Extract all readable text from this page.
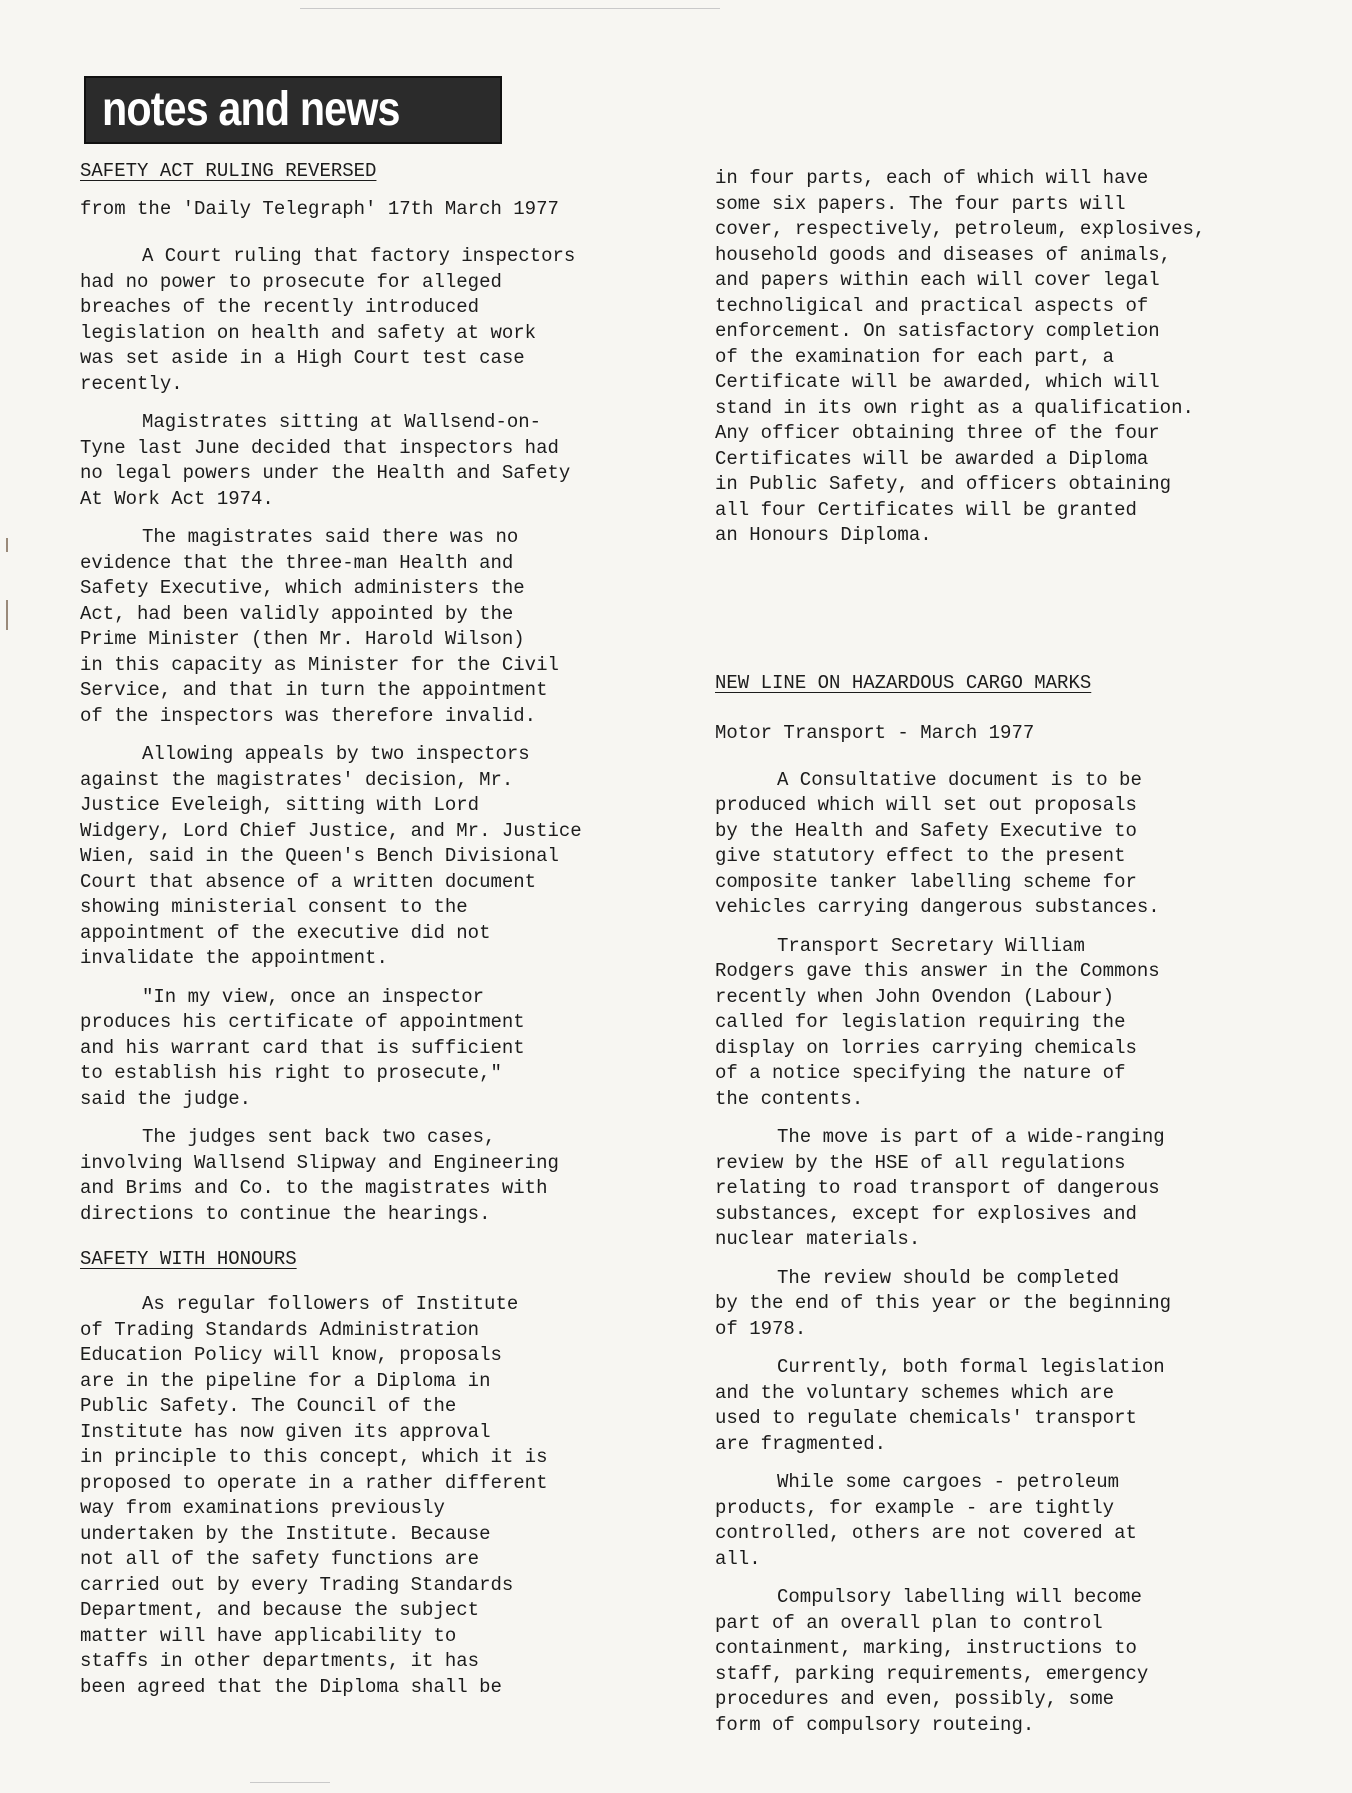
notes and news
SAFETY ACT RULING REVERSED
from the 'Daily Telegraph' 17th March 1977
A Court ruling that factory inspectors
had no power to prosecute for alleged
breaches of the recently introduced
legislation on health and safety at work
was set aside in a High Court test case
recently.
Magistrates sitting at Wallsend-on-
Tyne last June decided that inspectors had
no legal powers under the Health and Safety
At Work Act 1974.
The magistrates said there was no
evidence that the three-man Health and
Safety Executive, which administers the
Act, had been validly appointed by the
Prime Minister (then Mr. Harold Wilson)
in this capacity as Minister for the Civil
Service, and that in turn the appointment
of the inspectors was therefore invalid.
Allowing appeals by two inspectors
against the magistrates' decision, Mr.
Justice Eveleigh, sitting with Lord
Widgery, Lord Chief Justice, and Mr. Justice
Wien, said in the Queen's Bench Divisional
Court that absence of a written document
showing ministerial consent to the
appointment of the executive did not
invalidate the appointment.
"In my view, once an inspector
produces his certificate of appointment
and his warrant card that is sufficient
to establish his right to prosecute,"
said the judge.
The judges sent back two cases,
involving Wallsend Slipway and Engineering
and Brims and Co. to the magistrates with
directions to continue the hearings.
SAFETY WITH HONOURS
As regular followers of Institute
of Trading Standards Administration
Education Policy will know, proposals
are in the pipeline for a Diploma in
Public Safety. The Council of the
Institute has now given its approval
in principle to this concept, which it is
proposed to operate in a rather different
way from examinations previously
undertaken by the Institute. Because
not all of the safety functions are
carried out by every Trading Standards
Department, and because the subject
matter will have applicability to
staffs in other departments, it has
been agreed that the Diploma shall be
in four parts, each of which will have
some six papers. The four parts will
cover, respectively, petroleum, explosives,
household goods and diseases of animals,
and papers within each will cover legal
technoligical and practical aspects of
enforcement. On satisfactory completion
of the examination for each part, a
Certificate will be awarded, which will
stand in its own right as a qualification.
Any officer obtaining three of the four
Certificates will be awarded a Diploma
in Public Safety, and officers obtaining
all four Certificates will be granted
an Honours Diploma.
NEW LINE ON HAZARDOUS CARGO MARKS
Motor Transport - March 1977
A Consultative document is to be
produced which will set out proposals
by the Health and Safety Executive to
give statutory effect to the present
composite tanker labelling scheme for
vehicles carrying dangerous substances.
Transport Secretary William
Rodgers gave this answer in the Commons
recently when John Ovendon (Labour)
called for legislation requiring the
display on lorries carrying chemicals
of a notice specifying the nature of
the contents.
The move is part of a wide-ranging
review by the HSE of all regulations
relating to road transport of dangerous
substances, except for explosives and
nuclear materials.
The review should be completed
by the end of this year or the beginning
of 1978.
Currently, both formal legislation
and the voluntary schemes which are
used to regulate chemicals' transport
are fragmented.
While some cargoes - petroleum
products, for example - are tightly
controlled, others are not covered at
all.
Compulsory labelling will become
part of an overall plan to control
containment, marking, instructions to
staff, parking requirements, emergency
procedures and even, possibly, some
form of compulsory routeing.
